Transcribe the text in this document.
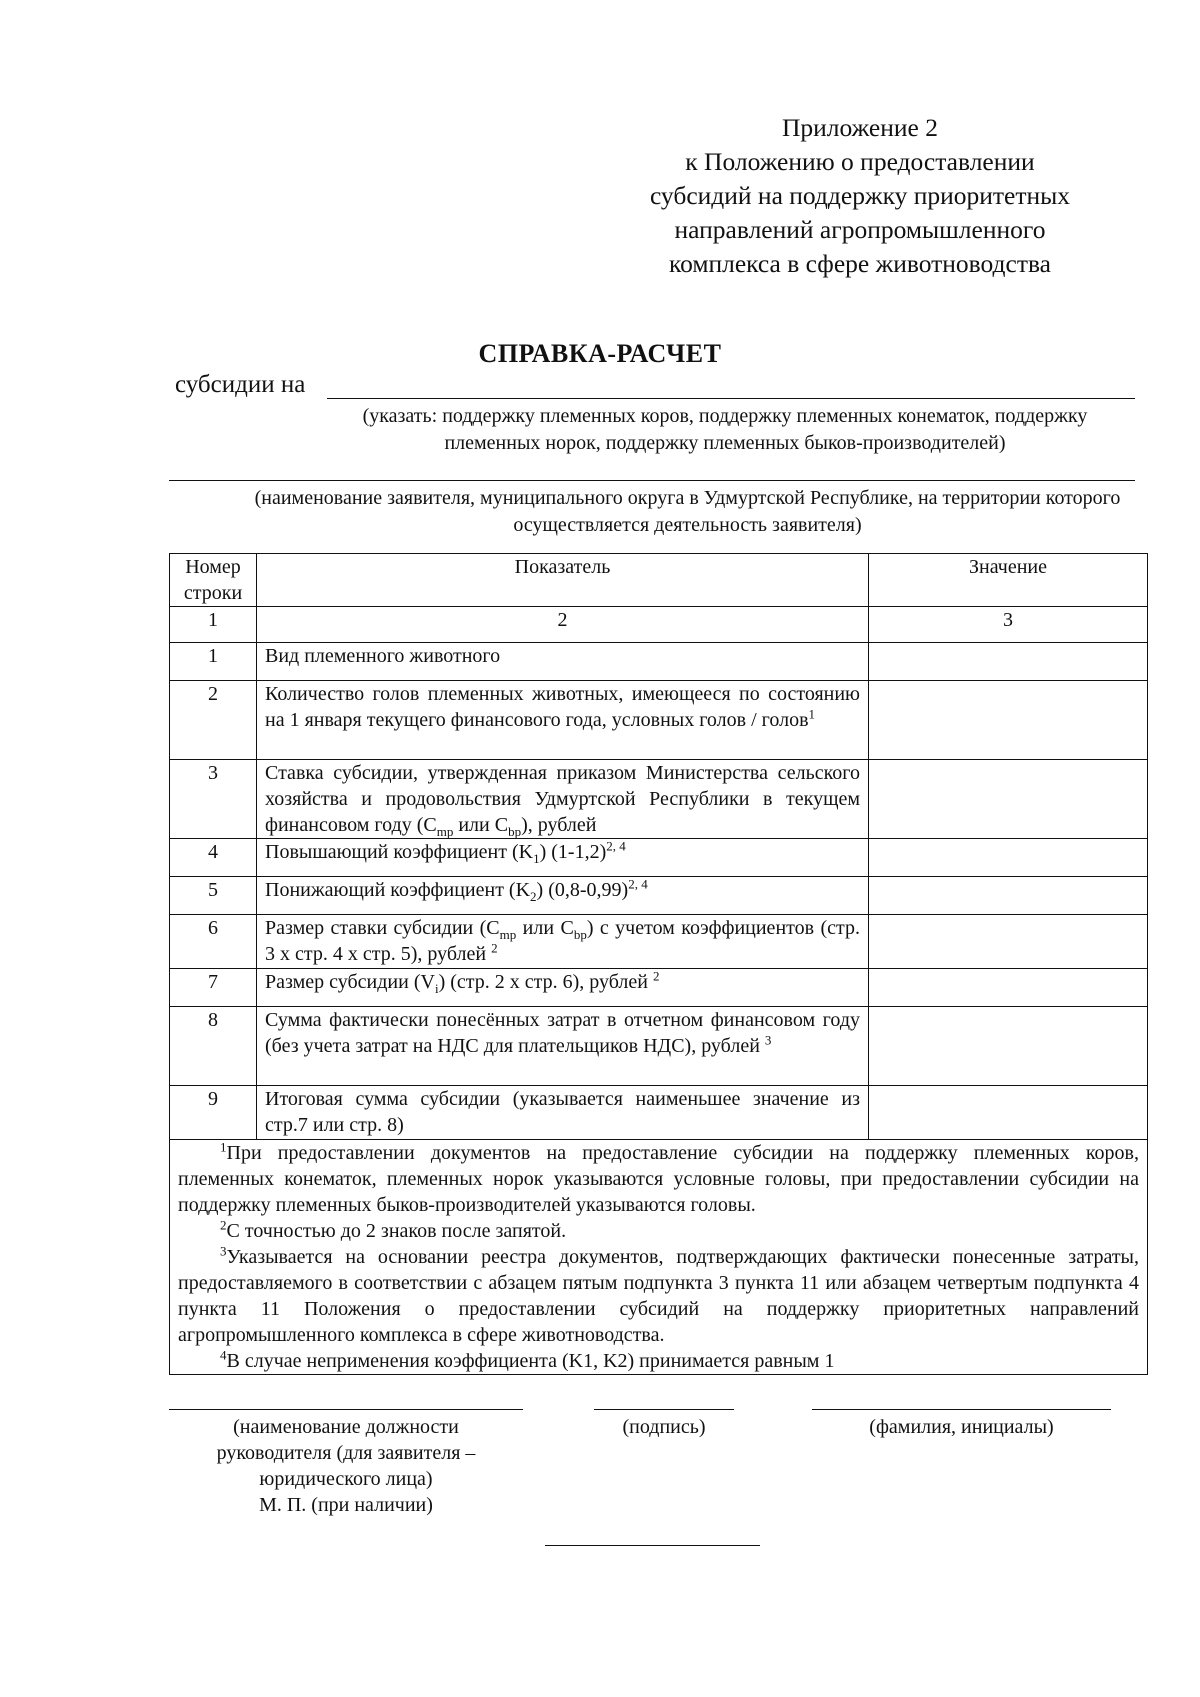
Приложение 2
к Положению о предоставлении
субсидий на поддержку приоритетных
направлений агропромышленного
комплекса в сфере животноводства
СПРАВКА-РАСЧЕТ
субсидии на
(указать: поддержку племенных коров, поддержку племенных конематок, поддержку племенных норок, поддержку племенных быков-производителей)
(наименование заявителя, муниципального округа в Удмуртской Республике, на территории которого осуществляется деятельность заявителя)
Номер строки	Показатель	Значение
1	2	3
1	Вид племенного животного	
2	Количество голов племенных животных, имеющееся по состоянию на 1 января текущего финансового года, условных голов / голов$^1$	
3	Ставка субсидии, утвержденная приказом Министерства сельского хозяйства и продовольствия Удмуртской Республики в текущем финансовом году ($С_{mp}$ или $С_{bp}$), рублей	
4	Повышающий коэффициент $(K_1)$ $(1-1,2)^{2, 4}$	
5	Понижающий коэффициент $(K_2)$ $(0,8-0,99)^{2, 4}$	
6	Размер ставки субсидии ($C_{mp}$ или $C_{bp}$) с учетом коэффициентов (стр. 3 x стр. 4 x стр. 5), рублей $^2$	
7	Размер субсидии $(V_i)$ (стр. 2 x стр. 6), рублей $^2$	
8	Сумма фактически понесённых затрат в отчетном финансовом году (без учета затрат на НДС для плательщиков НДС), рублей $^3$	
9	Итоговая сумма субсидии (указывается наименьшее значение из стр.7 или стр. 8)	

$^1$При предоставлении документов на предоставление субсидии на поддержку племенных коров, племенных конематок, племенных норок указываются условные головы, при предоставлении субсидии на поддержку племенных быков-производителей указываются головы.

$^2$С точностью до 2 знаков после запятой.

$^3$Указывается на основании реестра документов, подтверждающих фактически понесенные затраты, предоставляемого в соответствии с абзацем пятым подпункта 3 пункта 11 или абзацем четвертым подпункта 4 пункта 11 Положения о предоставлении субсидий на поддержку приоритетных направлений агропромышленного комплекса в сфере животноводства.

$^4$В случае неприменения коэффициента (K1, K2) принимается равным 1		

(наименование должности
руководителя (для заявителя –
юридического лица)
М. П. (при наличии)
(подпись)	(фамилия, инициалы)
